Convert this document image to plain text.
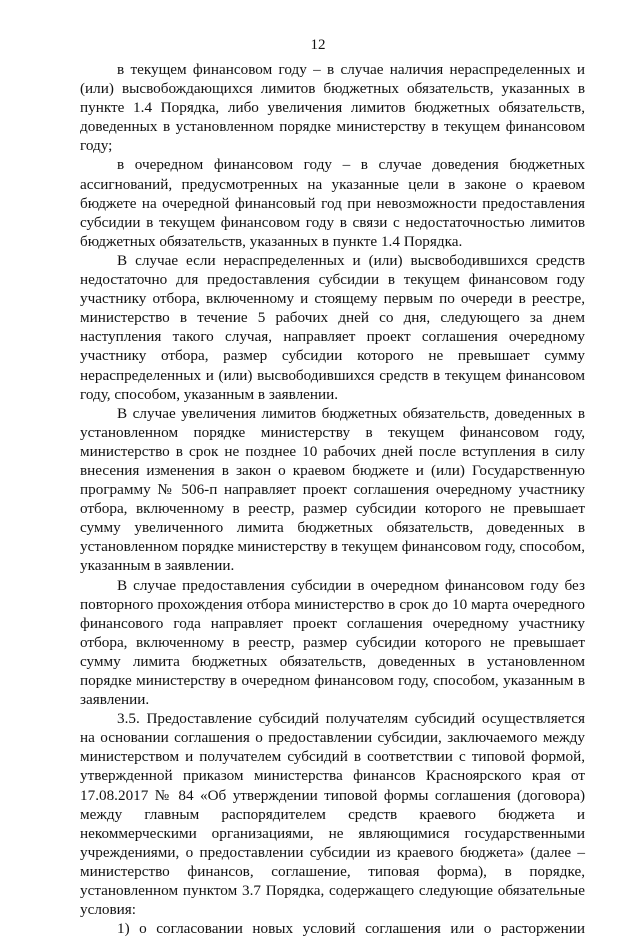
12

в текущем финансовом году – в случае наличия нераспределенных и (или) высвобождающихся лимитов бюджетных обязательств, указанных в пункте 1.4 Порядка, либо увеличения лимитов бюджетных обязательств, доведенных в установленном порядке министерству в текущем финансовом году;

в очередном финансовом году – в случае доведения бюджетных ассигнований, предусмотренных на указанные цели в законе о краевом бюджете на очередной финансовый год при невозможности предоставления субсидии в текущем финансовом году в связи с недостаточностью лимитов бюджетных обязательств, указанных в пункте 1.4 Порядка.

В случае если нераспределенных и (или) высвободившихся средств недостаточно для предоставления субсидии в текущем финансовом году участнику отбора, включенному и стоящему первым по очереди в реестре, министерство в течение 5 рабочих дней со дня, следующего за днем наступления такого случая, направляет проект соглашения очередному участнику отбора, размер субсидии которого не превышает сумму нераспределенных и (или) высвободившихся средств в текущем финансовом году, способом, указанным в заявлении.

В случае увеличения лимитов бюджетных обязательств, доведенных в установленном порядке министерству в текущем финансовом году, министерство в срок не позднее 10 рабочих дней после вступления в силу внесения изменения в закон о краевом бюджете и (или) Государственную программу № 506-п направляет проект соглашения очередному участнику отбора, включенному в реестр, размер субсидии которого не превышает сумму увеличенного лимита бюджетных обязательств, доведенных в установленном порядке министерству в текущем финансовом году, способом, указанным в заявлении.

В случае предоставления субсидии в очередном финансовом году без повторного прохождения отбора министерство в срок до 10 марта очередного финансового года направляет проект соглашения очередному участнику отбора, включенному в реестр, размер субсидии которого не превышает сумму лимита бюджетных обязательств, доведенных в установленном порядке министерству в очередном финансовом году, способом, указанным в заявлении.

3.5. Предоставление субсидий получателям субсидий осуществляется на основании соглашения о предоставлении субсидии, заключаемого между министерством и получателем субсидий в соответствии с типовой формой, утвержденной приказом министерства финансов Красноярского края от 17.08.2017 № 84 «Об утверждении типовой формы соглашения (договора) между главным распорядителем средств краевого бюджета и некоммерческими организациями, не являющимися государственными учреждениями, о предоставлении субсидии из краевого бюджета» (далее – министерство финансов, соглашение, типовая форма), в порядке, установленном пунктом 3.7 Порядка, содержащего следующие обязательные условия:

1) о согласовании новых условий соглашения или о расторжении
